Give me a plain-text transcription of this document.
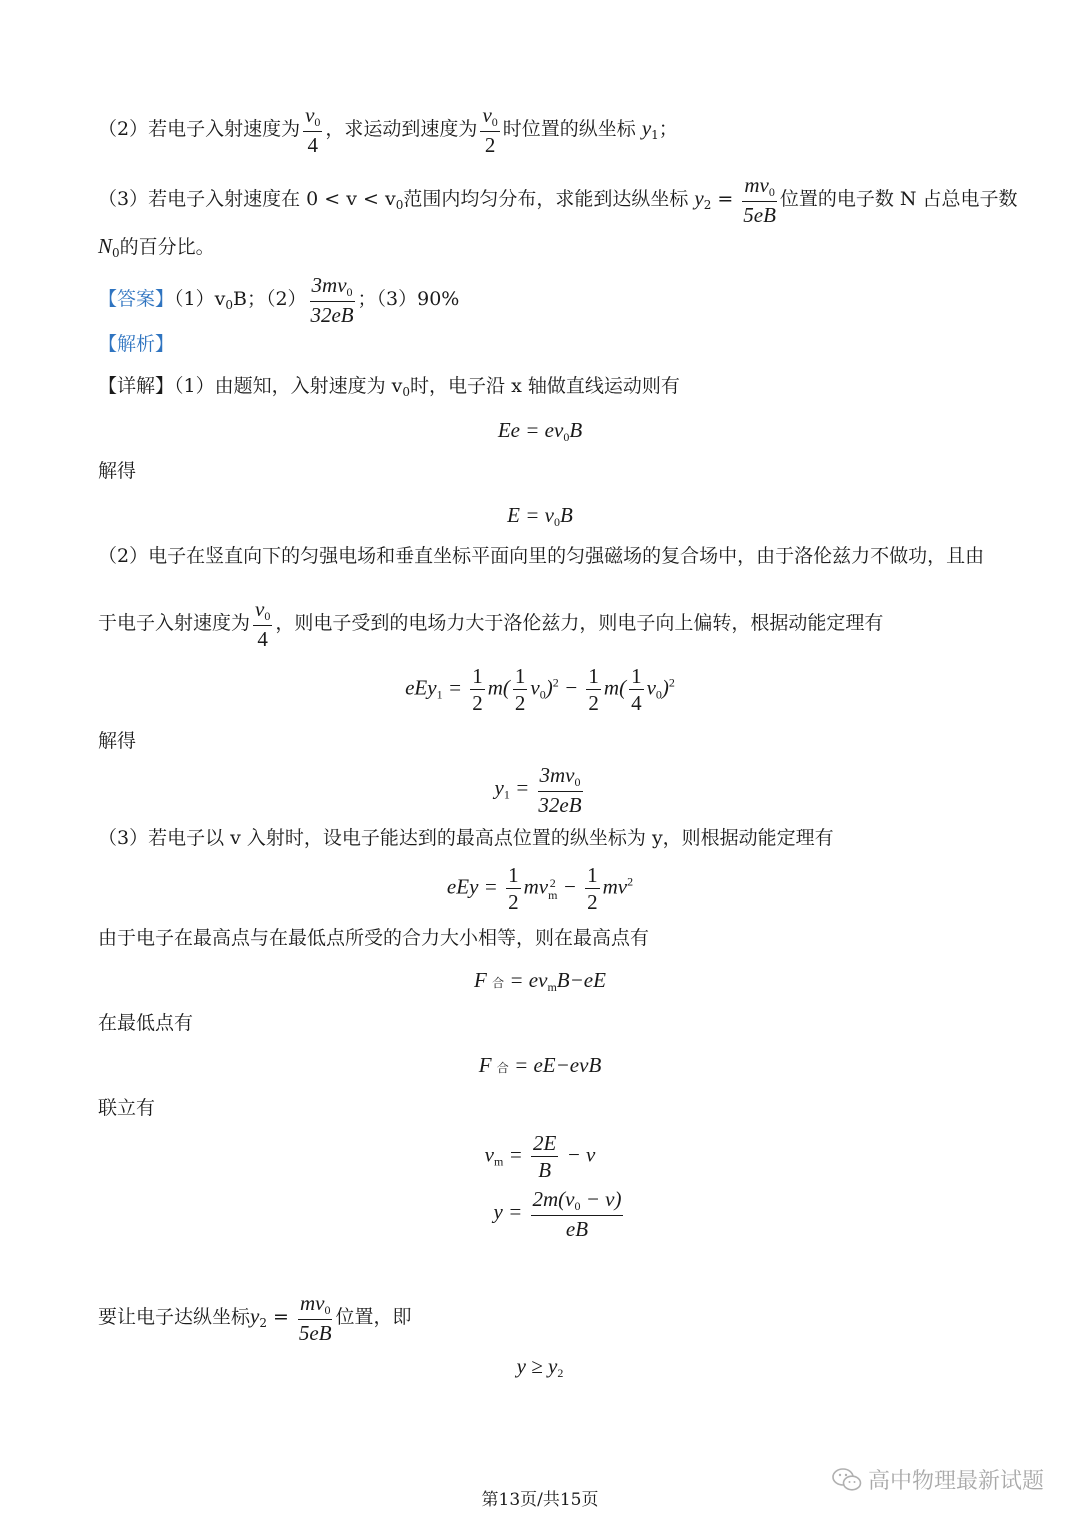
（2）若电子入射速度为 $\frac{v_0}{4}$ ，求运动到速度为 $\frac{v_0}{2}$ 时位置的纵坐标 $y_1$；
（3）若电子入射速度在 $0 < v < v_0$范围内均匀分布，求能到达纵坐标 $y_2 = \frac{mv_0}{5eB}$ 位置的电子数 N 占总电子数
$N_0$的百分比。
【答案】$(1)v_0B$；$(2) \frac{3mv_0}{32eB}$ ；（3）90%
【解析】
【详解】（1）由题知，入射速度为 $v_0$时，电子沿 x 轴做直线运动则有
$Ee = ev_0B$
解得
$E = v_0B$
（2）电子在竖直向下的匀强电场和垂直坐标平面向里的匀强磁场的复合场中，由于洛伦兹力不做功，且由
于电子入射速度为 $\frac{v_0}{4}$ ，则电子受到的电场力大于洛伦兹力，则电子向上偏转，根据动能定理有
$eEy_1 = \frac{1}{2} m( \frac{1}{2} v_0)^2 - \frac{1}{2} m( \frac{1}{4} v_0)^2$
解得
$y_1 = \frac{3mv_0}{32eB}$
（3）若电子以 v 入射时，设电子能达到的最高点位置的纵坐标为 y，则根据动能定理有
eEy = $\frac{1}{2}$ mv 2
$m - \frac{1}{2} mv^2$
由于电子在最高点与在最低点所受的合力大小相等，则在最高点有
F 合 = $ev_mB-eE$
在最低点有
F 合 = eE−evB
联立有
$v_m = \frac{2E}{B} - v$
$y = \frac{2m(v_0 - v)}{eB}$
要让电子达纵坐标$y_2 = \frac{mv_0}{5eB}$ 位置，即
$y \ge y_2$
第13页/共15页
高中物理最新试题
